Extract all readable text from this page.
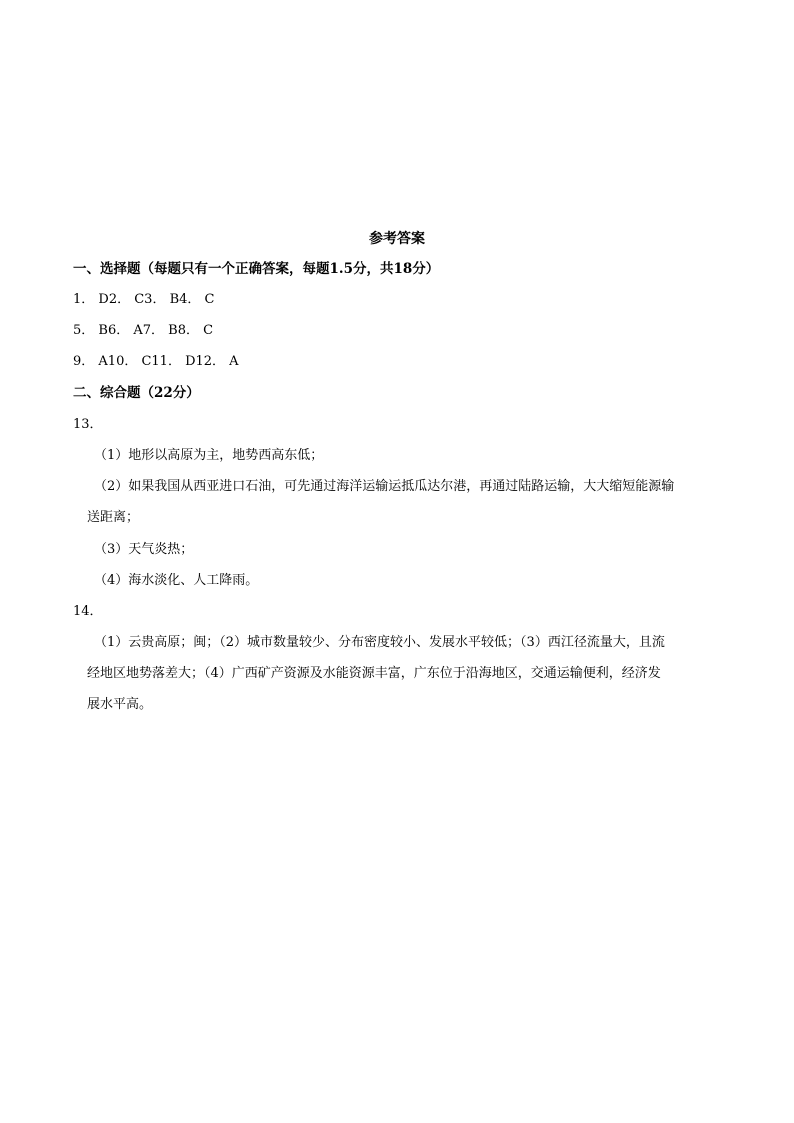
参考答案
一、选择题（每题只有一个正确答案，每题1.5分，共18分）
1． D2． C3． B4． C
5． B6． A7． B8． C
9． A10． C11． D12． A
二、综合题（22分）
13．
（1）地形以高原为主，地势西高东低；
（2）如果我国从西亚进口石油，可先通过海洋运输运抵瓜达尔港，再通过陆路运输，大大缩短能源输
送距离；
（3）天气炎热；
（4）海水淡化、人工降雨。
14．
（1）云贵高原；闽；（2）城市数量较少、分布密度较小、发展水平较低；（3）西江径流量大，且流
经地区地势落差大；（4）广西矿产资源及水能资源丰富，广东位于沿海地区，交通运输便利，经济发
展水平高。
